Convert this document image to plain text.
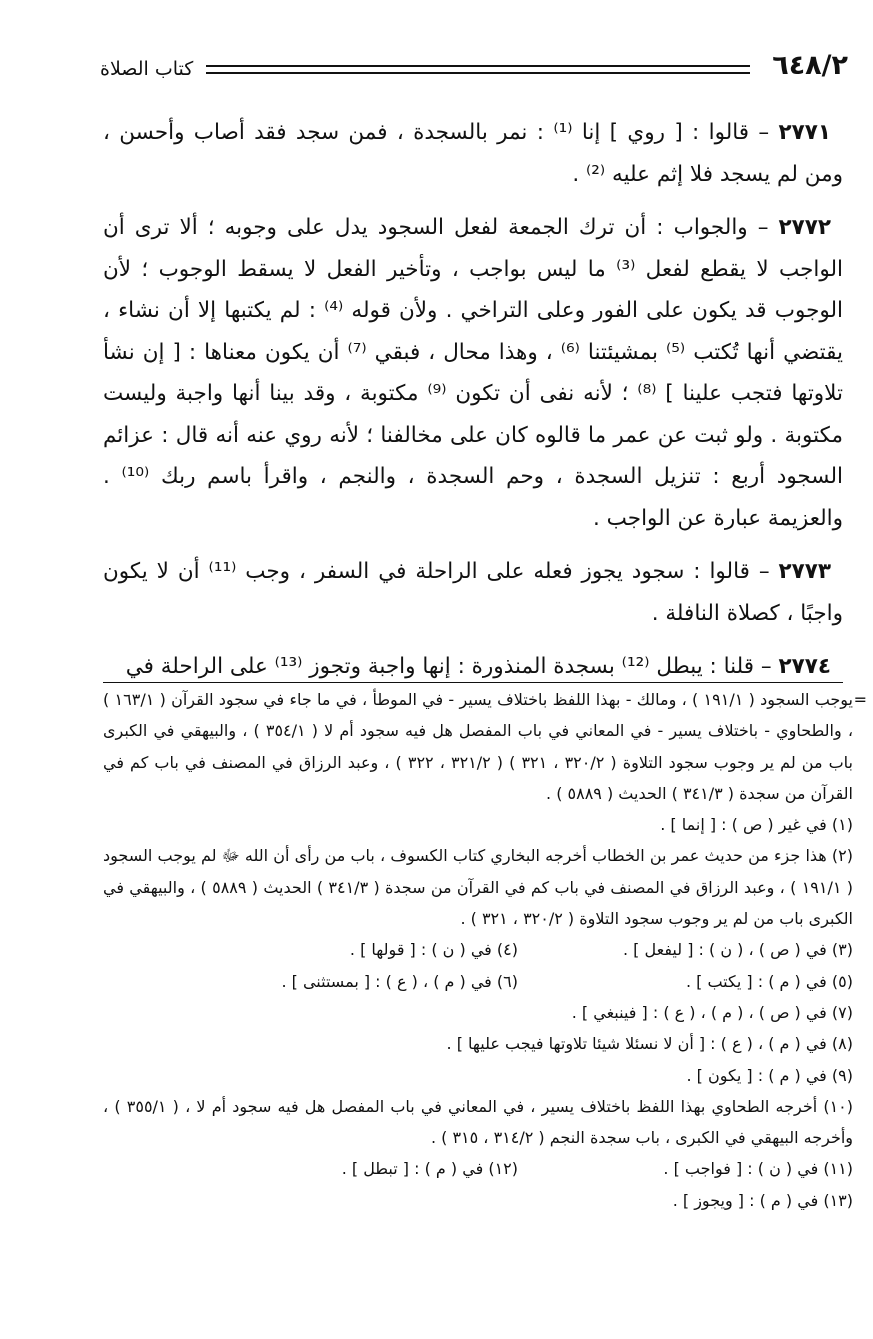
٦٤٨/٢
كتاب الصلاة

٢٧٧١ – قالوا : [ روي ] إنا ⁽¹⁾ : نمر بالسجدة ، فمن سجد فقد أصاب وأحسن ، ومن لم يسجد فلا إثم عليه ⁽²⁾ .

٢٧٧٢ – والجواب : أن ترك الجمعة لفعل السجود يدل على وجوبه ؛ ألا ترى أن الواجب لا يقطع لفعل ⁽³⁾ ما ليس بواجب ، وتأخير الفعل لا يسقط الوجوب ؛ لأن الوجوب قد يكون على الفور وعلى التراخي . ولأن قوله ⁽⁴⁾ : لم يكتبها إلا أن نشاء ، يقتضي أنها تُكتب ⁽⁵⁾ بمشيئتنا ⁽⁶⁾ ، وهذا محال ، فبقي ⁽⁷⁾ أن يكون معناها : [ إن نشأ تلاوتها فتجب علينا ] ⁽⁸⁾ ؛ لأنه نفى أن تكون ⁽⁹⁾ مكتوبة ، وقد بينا أنها واجبة وليست مكتوبة . ولو ثبت عن عمر ما قالوه كان على مخالفنا ؛ لأنه روي عنه أنه قال : عزائم السجود أربع : تنزيل السجدة ، وحم السجدة ، والنجم ، واقرأ باسم ربك ⁽¹⁰⁾ . والعزيمة عبارة عن الواجب .

٢٧٧٣ – قالوا : سجود يجوز فعله على الراحلة في السفر ، وجب ⁽¹¹⁾ أن لا يكون واجبًا ، كصلاة النافلة .

٢٧٧٤ – قلنا : يبطل ⁽¹²⁾ بسجدة المنذورة : إنها واجبة وتجوز ⁽¹³⁾ على الراحلة في

=
يوجب السجود ( ١٩١/١ ) ، ومالك - بهذا اللفظ باختلاف يسير - في الموطأ ، في ما جاء في سجود القرآن ( ١٦٣/١ ) ، والطحاوي - باختلاف يسير - في المعاني في باب المفصل هل فيه سجود أم لا ( ٣٥٤/١ ) ، والبيهقي في الكبرى باب من لم ير وجوب سجود التلاوة ( ٣٢٠/٢ ، ٣٢١ ) ( ٣٢١/٢ ، ٣٢٢ ) ، وعبد الرزاق في المصنف في باب كم في القرآن من سجدة ( ٣٤١/٣ ) الحديث ( ٥٨٨٩ ) .

(١) في غير ( ص ) : [ إنما ] .

(٢) هذا جزء من حديث عمر بن الخطاب أخرجه البخاري كتاب الكسوف ، باب من رأى أن الله ﷻ لم يوجب السجود ( ١٩١/١ ) ، وعبد الرزاق في المصنف في باب كم في القرآن من سجدة ( ٣٤١/٣ ) الحديث ( ٥٨٨٩ ) ، والبيهقي في الكبرى باب من لم ير وجوب سجود التلاوة ( ٣٢٠/٢ ، ٣٢١ ) .

(٣) في ( ص ) ، ( ن ) : [ ليفعل ] .
(٤) في ( ن ) : [ قولها ] .
(٥) في ( م ) : [ يكتب ] .
(٦) في ( م ) ، ( ع ) : [ بمستثنى ] .

(٧) في ( ص ) ، ( م ) ، ( ع ) : [ فينبغي ] .

(٨) في ( م ) ، ( ع ) : [ أن لا نسئلا شيئا تلاوتها فيجب عليها ] .

(٩) في ( م ) : [ يكون ] .

(١٠) أخرجه الطحاوي بهذا اللفظ باختلاف يسير ، في المعاني في باب المفصل هل فيه سجود أم لا ، ( ٣٥٥/١ ) ، وأخرجه البيهقي في الكبرى ، باب سجدة النجم ( ٣١٤/٢ ، ٣١٥ ) .

(١١) في ( ن ) : [ فواجب ] .
(١٢) في ( م ) : [ تبطل ] .

(١٣) في ( م ) : [ ويجوز ] .
